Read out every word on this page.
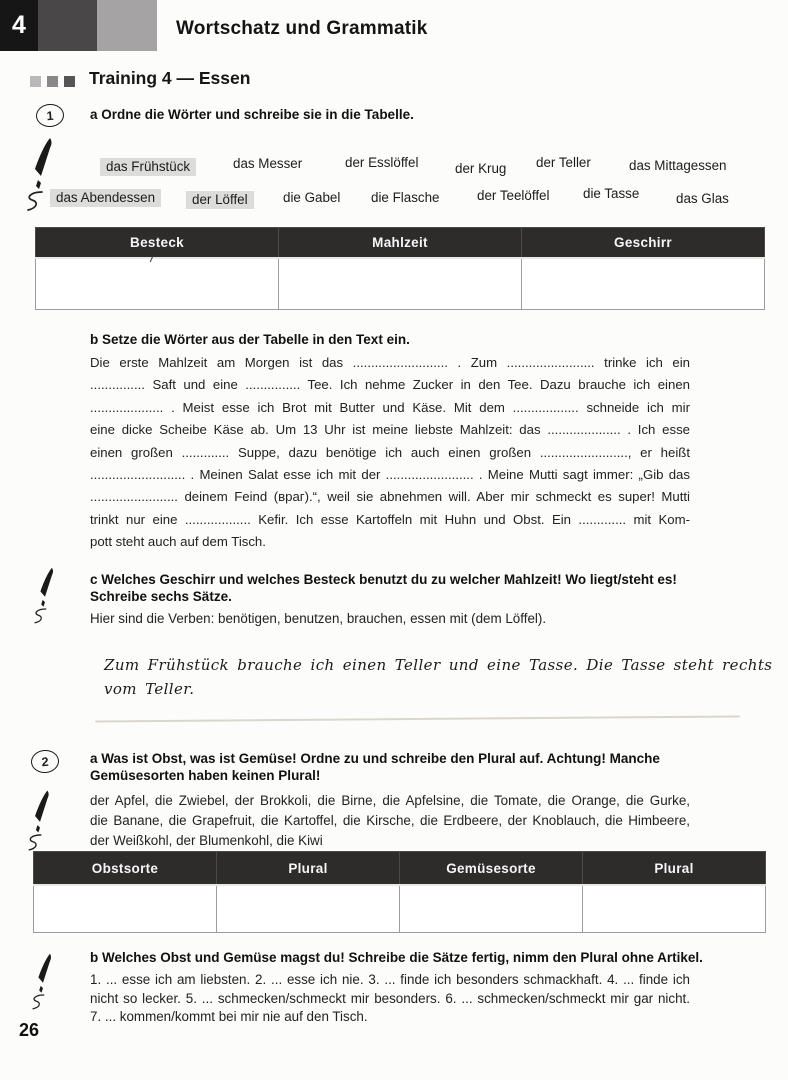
4	Wortschatz und Grammatik
Training 4 — Essen
1	a Ordne die Wörter und schreibe sie in die Tabelle.
das Frühstück	das Messer	der Esslöffel	der Krug der Teller	das Mittagessen
das Abendessen	der Löffel	die Gabel die Flasche	der Teelöffel	die Tasse	das Glas
Besteck	Mahlzeit	Geschirr

b Setze die Wörter aus der Tabelle in den Text ein.
Die erste Mahlzeit am Morgen ist das .......................... . Zum ........................ trinke ich ein
............... Saft und eine ............... Tee. Ich nehme Zucker in den Tee. Dazu brauche ich einen
.................... . Meist esse ich Brot mit Butter und Käse. Mit dem .................. schneide ich mir
eine dicke Scheibe Käse ab. Um 13 Uhr ist meine liebste Mahlzeit: das .................... . Ich esse
einen großen ............. Suppe, dazu benötige ich auch einen großen ........................, er heißt
.......................... . Meinen Salat esse ich mit der ........................ . Meine Mutti sagt immer: „Gib das
........................ deinem Feind (враг).“, weil sie abnehmen will. Aber mir schmeckt es super! Mutti
trinkt nur eine .................. Kefir. Ich esse Kartoffeln mit Huhn und Obst. Ein ............. mit Kom-
pott steht auch auf dem Tisch.
c Welches Geschirr und welches Besteck benutzt du zu welcher Mahlzeit! Wo liegt/steht es!
Schreibe sechs Sätze.
Hier sind die Verben: benötigen, benutzen, brauchen, essen mit (dem Löffel).
Zum Frühstück brauche ich einen Teller und eine Tasse. Die Tasse steht rechts
vom Teller.
2	a Was ist Obst, was ist Gemüse! Ordne zu und schreibe den Plural auf. Achtung! Manche
Gemüsesorten haben keinen Plural!
der Apfel, die Zwiebel, der Brokkoli, die Birne, die Apfelsine, die Tomate, die Orange, die Gurke,
die Banane, die Grapefruit, die Kartoffel, die Kirsche, die Erdbeere, der Knoblauch, die Himbeere,
der Weißkohl, der Blumenkohl, die Kiwi
Obstsorte	Plural	Gemüsesorte	Plural

b Welches Obst und Gemüse magst du! Schreibe die Sätze fertig, nimm den Plural ohne Artikel.
1. ... esse ich am liebsten. 2. ... esse ich nie. 3. ... finde ich besonders schmackhaft. 4. ... finde ich
nicht so lecker. 5. ... schmecken/schmeckt mir besonders. 6. ... schmecken/schmeckt mir gar nicht.
7. ... kommen/kommt bei mir nie auf den Tisch.
26
